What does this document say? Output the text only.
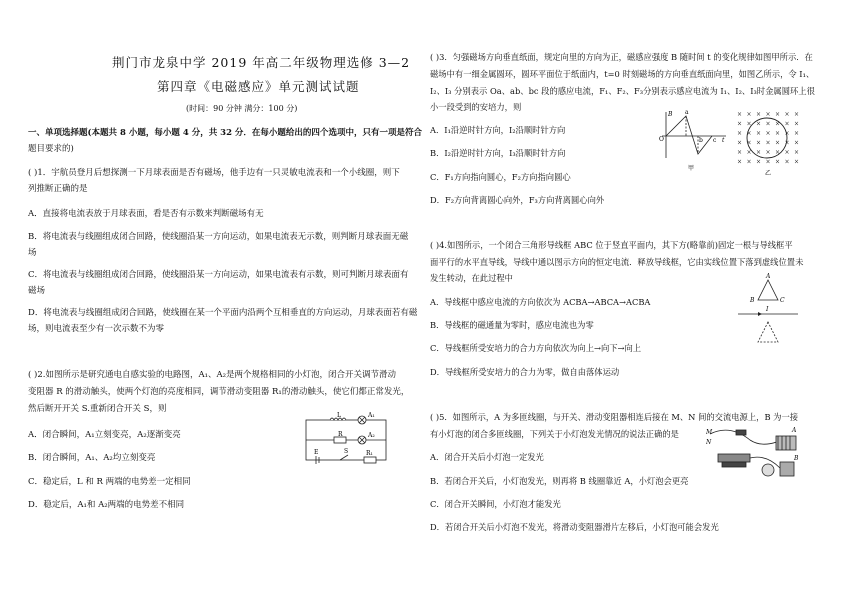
荆门市龙泉中学 2019 年高二年级物理选修 3—2
第四章《电磁感应》单元测试试题
(时间：90 分钟 满分：100 分)
一、单项选择题(本题共 8 小题，每小题 4 分，共 32 分．在每小题给出的四个选项中，只有一项是符合
题目要求的)
( )1．宇航员登月后想探测一下月球表面是否有磁场，他手边有一只灵敏电流表和一个小线圈，则下
列推断正确的是
A．直接将电流表放于月球表面，看是否有示数来判断磁场有无
B．将电流表与线圈组成闭合回路，使线圈沿某一方向运动，如果电流表无示数，则判断月球表面无磁
场
C．将电流表与线圈组成闭合回路，使线圈沿某一方向运动，如果电流表有示数，则可判断月球表面有
磁场
D．将电流表与线圈组成闭合回路，使线圈在某一个平面内沿两个互相垂直的方向运动，月球表面若有磁
场，则电流表至少有一次示数不为零
( )2.如图所示是研究通电自感实验的电路图，A₁、A₂是两个规格相同的小灯泡，闭合开关调节滑动
变阻器 R 的滑动触头，使两个灯泡的亮度相同，调节滑动变阻器 R₁的滑动触头，使它们都正常发光，
然后断开开关 S.重新闭合开关 S，则
A．闭合瞬间，A₁立刻变亮，A₂逐渐变亮
B．闭合瞬间，A₁、A₂均立刻变亮
C．稳定后，L 和 R 两端的电势差一定相同
D．稳定后，A₁和 A₂两端的电势差不相同
L	A₁
R	A₂
E	S	R₁
( )3．匀强磁场方向垂直纸面，规定向里的方向为正，磁感应强度 B 随时间 t 的变化规律如图甲所示．在
磁场中有一细金属圆环，圆环平面位于纸面内，t=0 时刻磁场的方向垂直纸面向里，如图乙所示，令 I₁、
I₂、I₃ 分别表示 Oa、ab、bc 段的感应电流，F₁、F₂、F₃分别表示感应电流为 I₁、I₂、I₃时金属圆环上很
小一段受到的安培力，则
A．I₁沿逆时针方向，I₂沿顺时针方向
B．I₂沿逆时针方向，I₃沿顺时针方向
C．F₁方向指向圆心，F₂方向指向圆心
D．F₂方向背离圆心向外，F₃方向背离圆心向外
B
O
a
b c t
甲
× × × × × × ×
× × × × × × ×
× × × × × × ×
× × × × × × ×
× × × × × × ×
× × × × × × ×
乙
( )4.如图所示，一个闭合三角形导线框 ABC 位于竖直平面内，其下方(略靠前)固定一根与导线框平
面平行的水平直导线，导线中通以图示方向的恒定电流．释放导线框，它由实线位置下落到虚线位置未
发生转动，在此过程中
A．导线框中感应电流的方向依次为 ACBA→ABCA→ACBA
B．导线框的磁通量为零时，感应电流也为零
C．导线框所受安培力的合力方向依次为向上→向下→向上
D．导线框所受安培力的合力为零，做自由落体运动
A
B	C
I
( )5．如图所示，A 为多匝线圈，与开关、滑动变阻器相连后接在 M、N 间的交流电源上，B 为一接
有小灯泡的闭合多匝线圈，下列关于小灯泡发光情况的说法正确的是
A．闭合开关后小灯泡一定发光
B．若闭合开关后，小灯泡发光，则再将 B 线圈靠近 A，小灯泡会更亮
C．闭合开关瞬间，小灯泡才能发光
D．若闭合开关后小灯泡不发光，将滑动变阻器滑片左移后，小灯泡可能会发光
M
N
A
B
